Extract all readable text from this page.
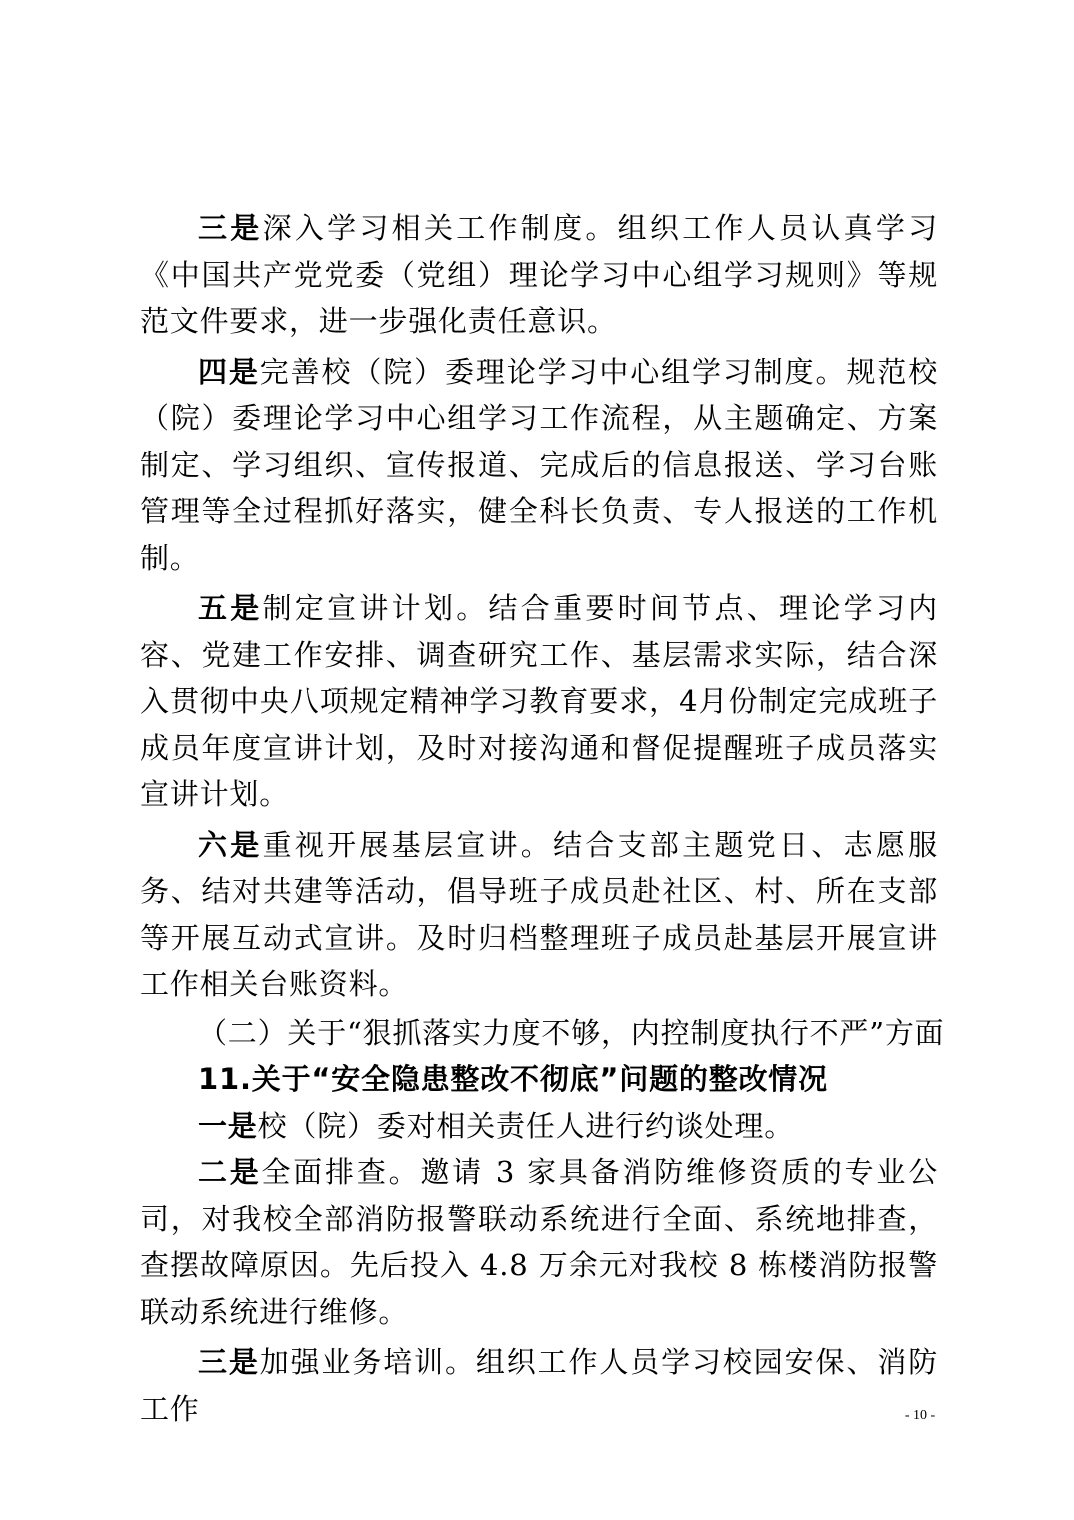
三是深入学习相关工作制度。组织工作人员认真学习《中国共产党党委（党组）理论学习中心组学习规则》等规范文件要求，进一步强化责任意识。

四是完善校（院）委理论学习中心组学习制度。规范校（院）委理论学习中心组学习工作流程，从主题确定、方案制定、学习组织、宣传报道、完成后的信息报送、学习台账管理等全过程抓好落实，健全科长负责、专人报送的工作机制。

五是制定宣讲计划。结合重要时间节点、理论学习内容、党建工作安排、调查研究工作、基层需求实际，结合深入贯彻中央八项规定精神学习教育要求，4月份制定完成班子成员年度宣讲计划，及时对接沟通和督促提醒班子成员落实宣讲计划。

六是重视开展基层宣讲。结合支部主题党日、志愿服务、结对共建等活动，倡导班子成员赴社区、村、所在支部等开展互动式宣讲。及时归档整理班子成员赴基层开展宣讲工作相关台账资料。

（二）关于“狠抓落实力度不够，内控制度执行不严”方面

11.关于“安全隐患整改不彻底”问题的整改情况

一是校（院）委对相关责任人进行约谈处理。

二是全面排查。邀请 3 家具备消防维修资质的专业公司，对我校全部消防报警联动系统进行全面、系统地排查，查摆故障原因。先后投入 4.8 万余元对我校 8 栋楼消防报警联动系统进行维修。

三是加强业务培训。组织工作人员学习校园安保、消防工作	- 10 -
